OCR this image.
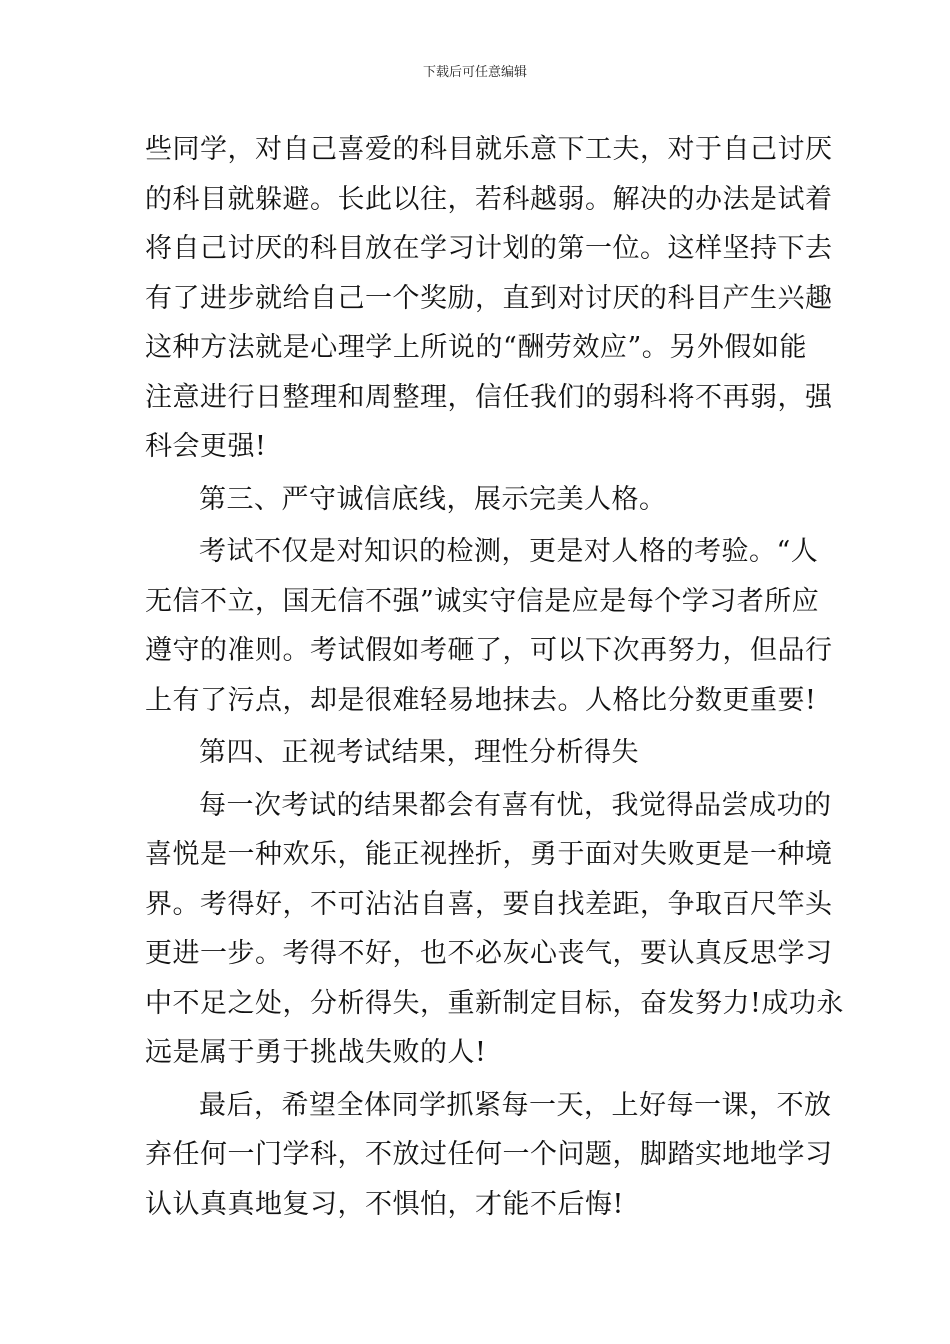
下载后可任意编辑
些同学，对自己喜爱的科目就乐意下工夫，对于自己讨厌
的科目就躲避。长此以往，若科越弱。解决的办法是试着
将自己讨厌的科目放在学习计划的第一位。这样坚持下去
有了进步就给自己一个奖励，直到对讨厌的科目产生兴趣
这种方法就是心理学上所说的“酬劳效应”。另外假如能
注意进行日整理和周整理，信任我们的弱科将不再弱，强
科会更强!
第三、严守诚信底线，展示完美人格。
考试不仅是对知识的检测，更是对人格的考验。“人
无信不立，国无信不强”诚实守信是应是每个学习者所应
遵守的准则。考试假如考砸了，可以下次再努力，但品行
上有了污点，却是很难轻易地抹去。人格比分数更重要!
第四、正视考试结果，理性分析得失
每一次考试的结果都会有喜有忧，我觉得品尝成功的
喜悦是一种欢乐，能正视挫折，勇于面对失败更是一种境
界。考得好，不可沾沾自喜，要自找差距，争取百尺竿头
更进一步。考得不好，也不必灰心丧气，要认真反思学习
中不足之处，分析得失，重新制定目标，奋发努力!成功永
远是属于勇于挑战失败的人!
最后，希望全体同学抓紧每一天，上好每一课，不放
弃任何一门学科，不放过任何一个问题，脚踏实地地学习
认认真真地复习，不惧怕，才能不后悔!
